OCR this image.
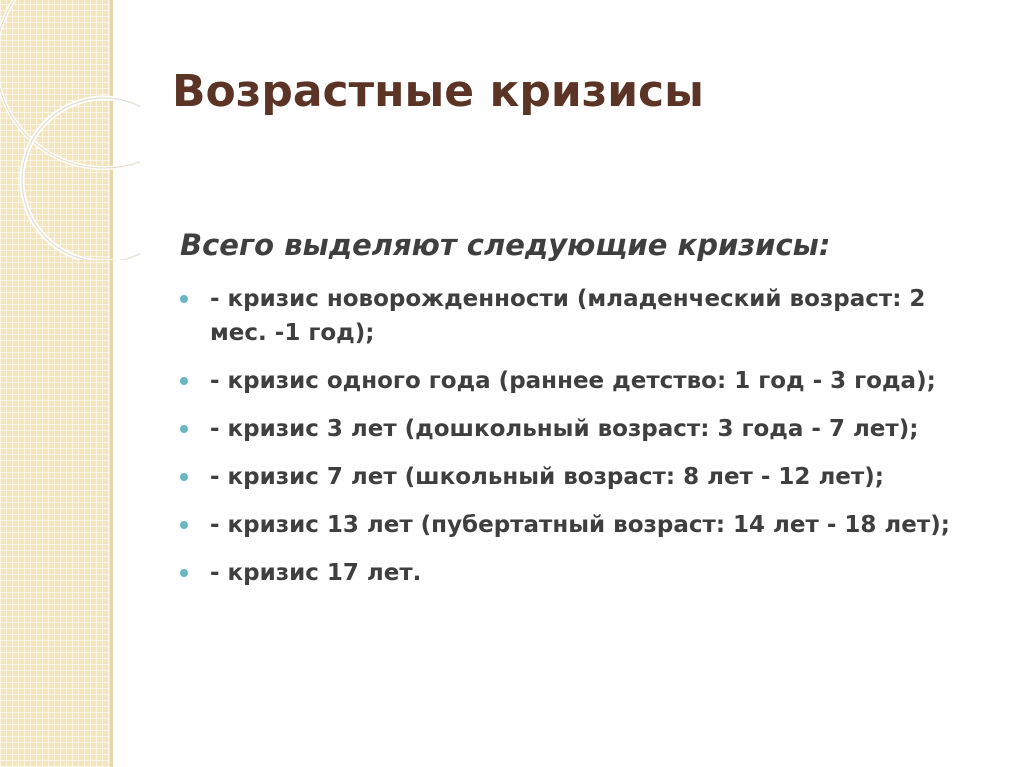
Возрастные кризисы

Всего выделяют следующие кризисы:

- кризис новорожденности (младенческий возраст: 2 мес. -1 год);
- кризис одного года (раннее детство: 1 год - 3 года);
- кризис 3 лет (дошкольный возраст: 3 года - 7 лет);
- кризис 7 лет (школьный возраст: 8 лет - 12 лет);
- кризис 13 лет (пубертатный возраст: 14 лет - 18 лет);
- кризис 17 лет.
